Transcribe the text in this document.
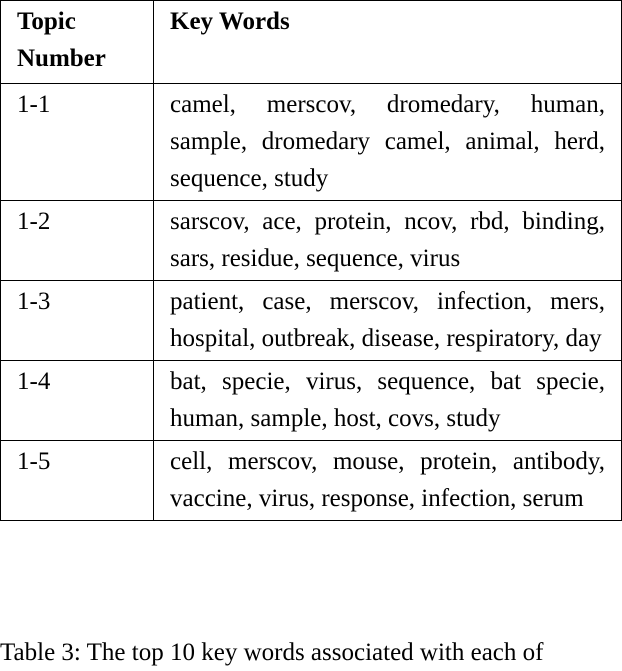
Topic Number	Key Words
1-1	camel, merscov, dromedary, human, sample, dromedary camel, animal, herd, sequence, study
1-2	sarscov, ace, protein, ncov, rbd, binding, sars, residue, sequence, virus
1-3	patient, case, merscov, infection, mers, hospital, outbreak, disease, respiratory, day
1-4	bat, specie, virus, sequence, bat specie, human, sample, host, covs, study
1-5	cell, merscov, mouse, protein, antibody, vaccine, virus, response, infection, serum
Table 3: The top 10 key words associated with each of
